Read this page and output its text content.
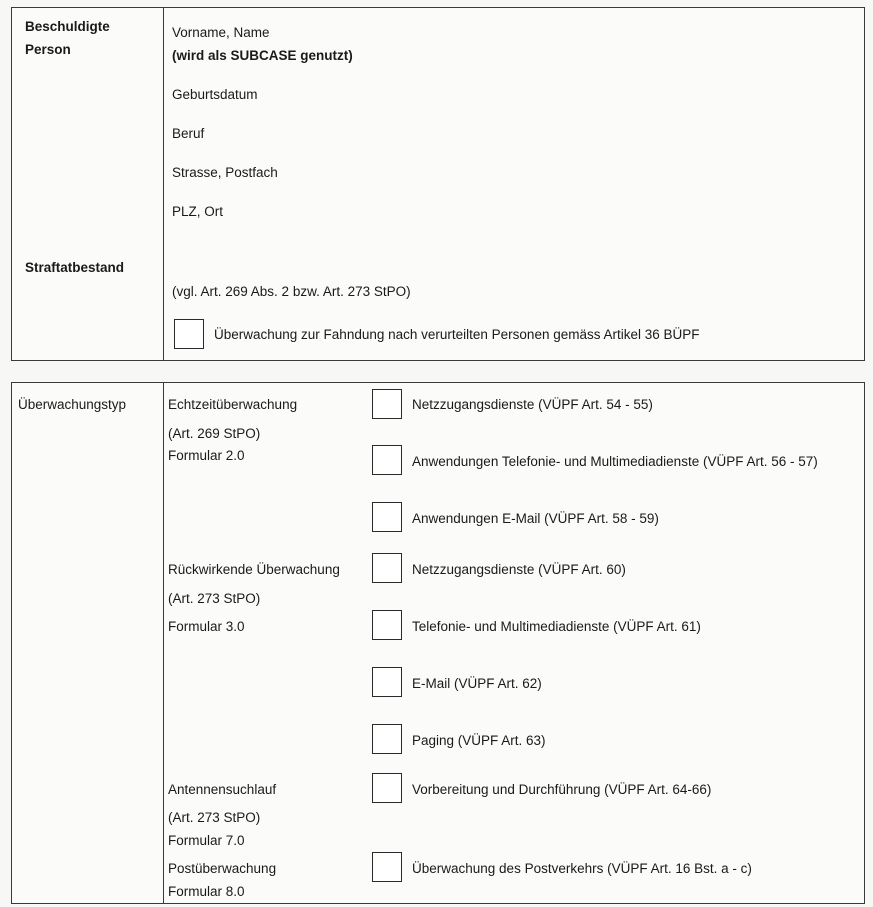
Beschuldigte
Person
Vorname, Name
(wird als SUBCASE genutzt)
Geburtsdatum
Beruf
Strasse, Postfach
PLZ, Ort
Straftatbestand
(vgl. Art. 269 Abs. 2 bzw. Art. 273 StPO)
Überwachung zur Fahndung nach verurteilten Personen gemäss Artikel 36 BÜPF
Überwachungstyp	Echtzeitüberwachung
(Art. 269 StPO)
Formular 2.0
Netzzugangsdienste (VÜPF Art. 54 - 55)
Anwendungen Telefonie- und Multimediadienste (VÜPF Art. 56 - 57)
Anwendungen E-Mail (VÜPF Art. 58 - 59)
Rückwirkende Überwachung
(Art. 273 StPO)
Formular 3.0
Netzzugangsdienste (VÜPF Art. 60)
Telefonie- und Multimediadienste (VÜPF Art. 61)
E-Mail (VÜPF Art. 62)
Paging (VÜPF Art. 63)
Antennensuchlauf
(Art. 273 StPO)
Formular 7.0
Vorbereitung und Durchführung (VÜPF Art. 64-66)
Postüberwachung
Formular 8.0
Überwachung des Postverkehrs (VÜPF Art. 16 Bst. a - c)
